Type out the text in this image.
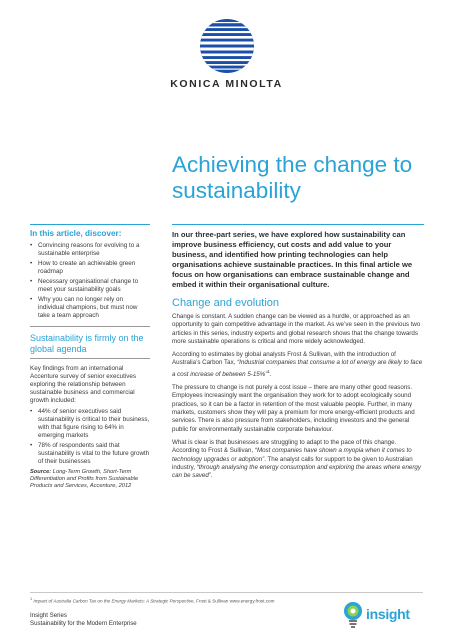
KONICA MINOLTA
Achieving the change to sustainability
In this article, discover:
• Convincing reasons for evolving to a sustainable enterprise
• How to create an achievable green roadmap
• Necessary organisational change to meet your sustainability goals
• Why you can no longer rely on individual champions, but must now take a team approach
Sustainability is firmly on the global agenda

Key findings from an international Accenture survey of senior executives exploring the relationship between sustainable business and commercial growth included:

• 44% of senior executives said sustainability is critical to their business, with that figure rising to 64% in emerging markets
• 78% of respondents said that sustainability is vital to the future growth of their businesses
Source: Long-Term Growth, Short-Term Differentiation and Profits from Sustainable Products and Services, Accenture, 2012

In our three-part series, we have explored how sustainability can improve business efficiency, cut costs and add value to your business, and identified how printing technologies can help organisations achieve sustainable practices. In this final article we focus on how organisations can embrace sustainable change and embed it within their organisational culture.

Change and evolution

Change is constant. A sudden change can be viewed as a hurdle, or approached as an opportunity to gain competitive advantage in the market. As we’ve seen in the previous two articles in this series, industry experts and global research shows that the change towards more sustainable operations is critical and more widely acknowledged.

According to estimates by global analysts Frost & Sullivan, with the introduction of Australia’s Carbon Tax, “Industrial companies that consume a lot of energy are likely to face a cost increase of between 5-15%”$^1$.

The pressure to change is not purely a cost issue – there are many other good reasons. Employees increasingly want the organisation they work for to adopt ecologically sound practices, so it can be a factor in retention of the most valuable people. Further, in many markets, customers show they will pay a premium for more energy-efficient products and services. There is also pressure from stakeholders, including investors and the general public for environmentally sustainable corporate behaviour.

What is clear is that businesses are struggling to adapt to the pace of this change. According to Frost & Sullivan, “Most companies have shown a myopia when it comes to technology upgrades or adoption”. The analyst calls for support to be given to Australian industry, “through analysing the energy consumption and exploring the areas where energy can be saved”.

$^1$ Impact of Australia Carbon Tax on the Energy Markets: A Strategic Perspective, Frost & Sullivan www.energy.frost.com
Insight Series
Sustainability for the Modern Enterprise
insight
